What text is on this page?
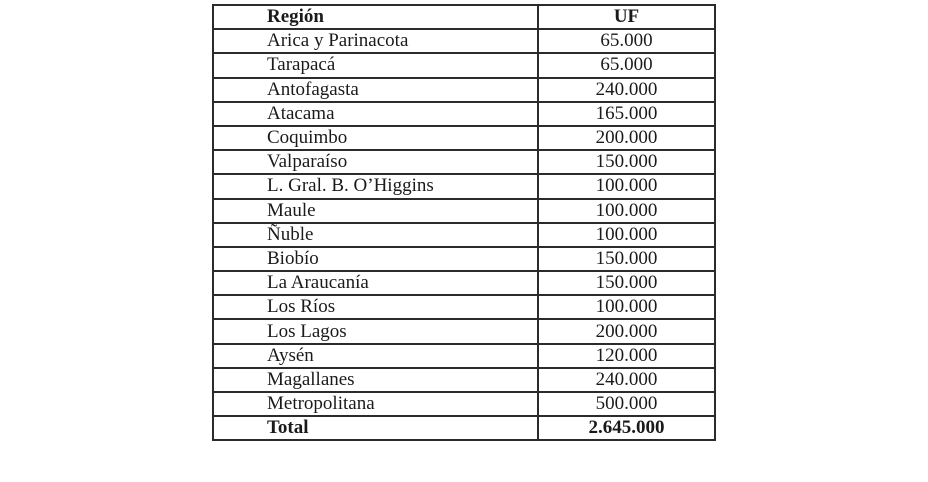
Región	UF
Arica y Parinacota	65.000
Tarapacá	65.000
Antofagasta	240.000
Atacama	165.000
Coquimbo	200.000
Valparaíso	150.000
L. Gral. B. O’Higgins	100.000
Maule	100.000
Ñuble	100.000
Biobío	150.000
La Araucanía	150.000
Los Ríos	100.000
Los Lagos	200.000
Aysén	120.000
Magallanes	240.000
Metropolitana	500.000
Total	2.645.000
